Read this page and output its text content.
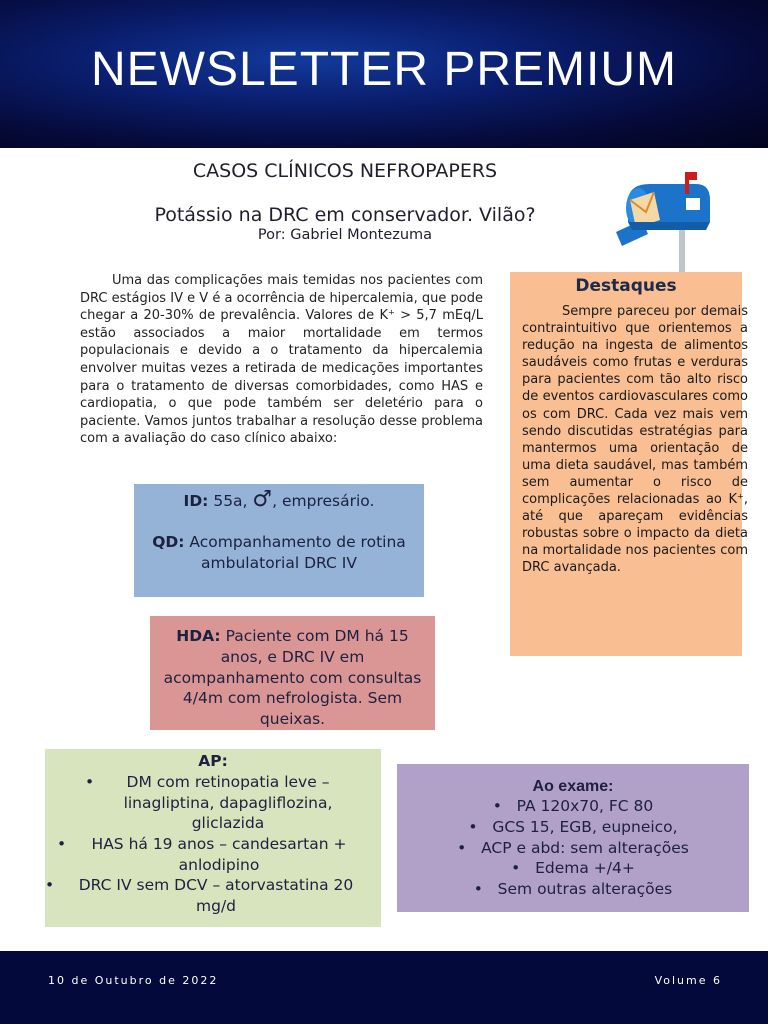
NEWSLETTER PREMIUM
CASOS CLÍNICOS NEFROPAPERS
Potássio na DRC em conservador. Vilão?
Por: Gabriel Montezuma

Uma das complicações mais temidas nos pacientes com DRC estágios IV e V é a ocorrência de hipercalemia, que pode chegar a 20-30% de prevalência. Valores de K⁺ > 5,7 mEq/L estão associados a maior mortalidade em termos populacionais e devido a o tratamento da hipercalemia envolver muitas vezes a retirada de medicações importantes para o tratamento de diversas comorbidades, como HAS e cardiopatia, o que pode também ser deletério para o paciente. Vamos juntos trabalhar a resolução desse problema com a avaliação do caso clínico abaixo:

Destaques

Sempre pareceu por demais contraintuitivo que orientemos a redução na ingesta de alimentos saudáveis como frutas e verduras para pacientes com tão alto risco de eventos cardiovasculares como os com DRC. Cada vez mais vem sendo discutidas estratégias para mantermos uma orientação de uma dieta saudável, mas também sem aumentar o risco de complicações relacionadas ao K⁺, até que apareçam evidências robustas sobre o impacto da dieta na mortalidade nos pacientes com DRC avançada.

ID: 55a, ♂, empresário.
QD: Acompanhamento de rotina
ambulatorial DRC IV
HDA: Paciente com DM há 15
anos, e DRC IV em
acompanhamento com consultas
4/4m com nefrologista. Sem
queixas.
AP:
•	DM com retinopatia leve – linagliptina, dapagliflozina, gliclazida
•	HAS há 19 anos – candesartan + anlodipino
•	DRC IV sem DCV – atorvastatina 20 mg/d
Ao exame:
• PA 120x70, FC 80
• GCS 15, EGB, eupneico,
• ACP e abd: sem alterações
• Edema +/4+
• Sem outras alterações
10 de Outubro de 2022	Volume 6
